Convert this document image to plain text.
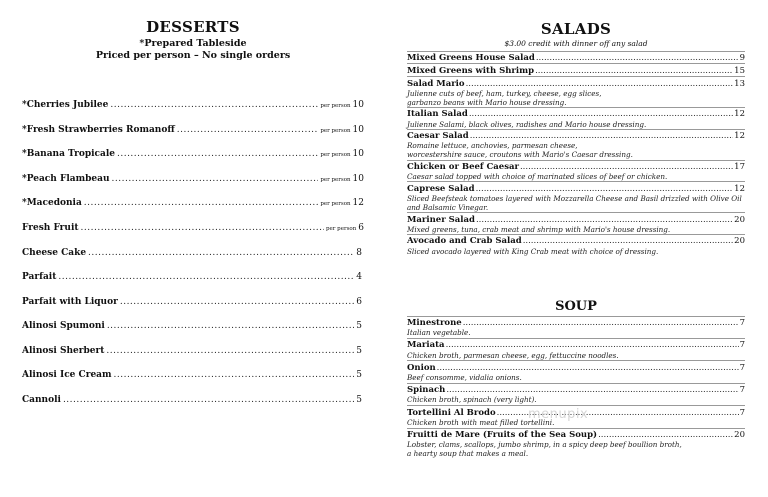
DESSERTS
*Prepared Tableside
Priced per person – No single orders
*Cherries Jubilee .....	per person 10
*Fresh Strawberries Romanoff .....	per person 10
*Banana Tropicale .....	per person 10
*Peach Flambeau .....	per person 10
*Macedonia .....	per person 12
Fresh Fruit .....	per person 6
Cheese Cake .....	8
Parfait .....	4
Parfait with Liquor .....	6
Alinosi Spumoni .....	5
Alinosi Sherbert .....	5
Alinosi Ice Cream .....	5
Cannoli .....	5
SALADS
$3.00 credit with dinner off any salad
Mixed Greens House Salad .....	9
Mixed Greens with Shrimp .....	15
Salad Mario .....	13
Julienne cuts of beef, ham, turkey, cheese, egg slices,
garbanzo beans with Mario house dressing.
Italian Salad .....	12
Julienne Salami, black olives, radishes and Mario house dressing.
Caesar Salad .....	12
Romaine lettuce, anchovies, parmesan cheese,
worcestershire sauce, croutons with Mario's Caesar dressing.
Chicken or Beef Caesar .....	17
Caesar salad topped with choice of marinated slices of beef or chicken.
Caprese Salad .....	12
Sliced Beefsteak tomatoes layered with Mozzarella Cheese and Basil drizzled with Olive Oil
and Balsamic Vinegar.
Mariner Salad .....	20
Mixed greens, tuna, crab meat and shrimp with Mario's house dressing.
Avocado and Crab Salad .....	20
Sliced avocado layered with King Crab meat with choice of dressing.
SOUP
Minestrone .....	7
Italian vegetable.
Mariata .....	7
Chicken broth, parmesan cheese, egg, fettuccine noodles.
Onion .....	7
Beef consomme, vidalia onions.
Spinach .....	7
Chicken broth, spinach (very light).
Tortellini Al Brodo .....	7
Chicken broth with meat filled tortellini.
Fruitti de Mare (Fruits of the Sea Soup) .....	20
Lobster, clams, scallops, jumbo shrimp, in a spicy deep beef boullion broth,
a hearty soup that makes a meal.
menupix
